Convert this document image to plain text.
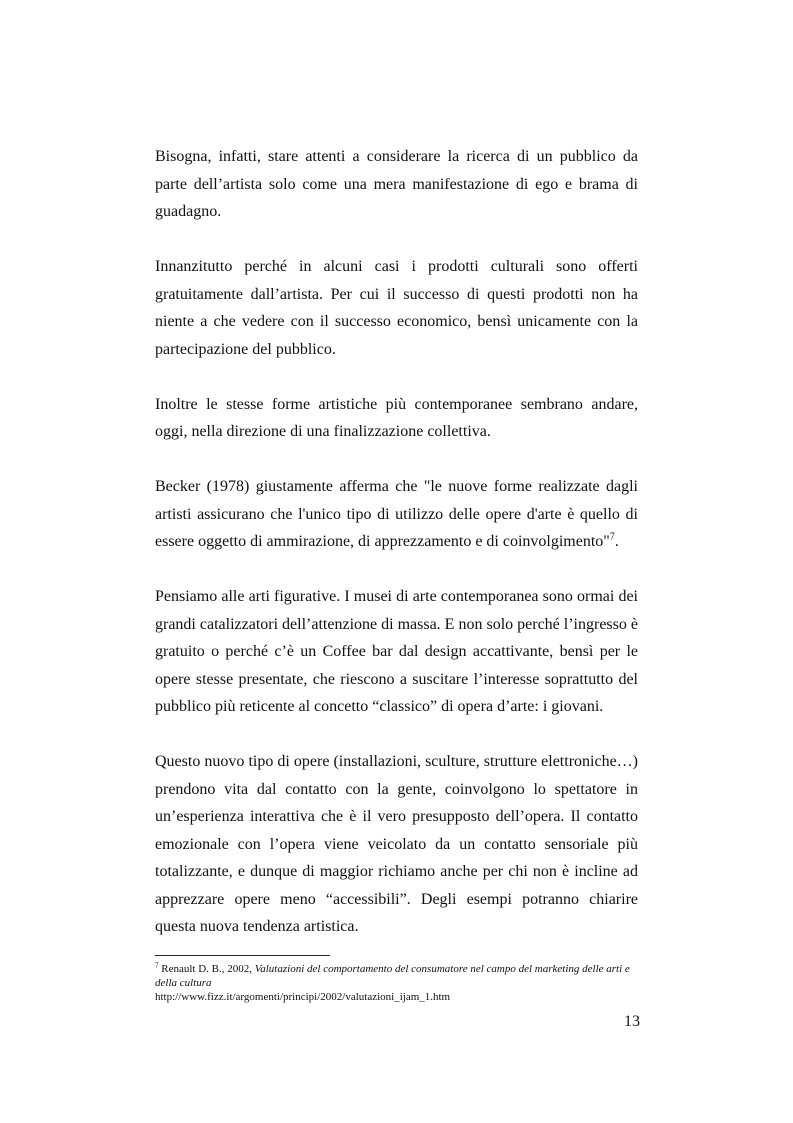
Bisogna, infatti, stare attenti a considerare la ricerca di un pubblico da parte dell’artista solo come una mera manifestazione di ego e brama di guadagno.

Innanzitutto perché in alcuni casi i prodotti culturali sono offerti gratuitamente dall’artista. Per cui il successo di questi prodotti non ha niente a che vedere con il successo economico, bensì unicamente con la partecipazione del pubblico.

Inoltre le stesse forme artistiche più contemporanee sembrano andare, oggi, nella direzione di una finalizzazione collettiva.

Becker (1978) giustamente afferma che "le nuove forme realizzate dagli artisti assicurano che l'unico tipo di utilizzo delle opere d'arte è quello di essere oggetto di ammirazione, di apprezzamento e di coinvolgimento"$^7$.

Pensiamo alle arti figurative. I musei di arte contemporanea sono ormai dei grandi catalizzatori dell’attenzione di massa. E non solo perché l’ingresso è gratuito o perché c’è un Coffee bar dal design accattivante, bensì per le opere stesse presentate, che riescono a suscitare l’interesse soprattutto del pubblico più reticente al concetto “classico” di opera d’arte: i giovani.

Questo nuovo tipo di opere (installazioni, sculture, strutture elettroniche…) prendono vita dal contatto con la gente, coinvolgono lo spettatore in un’esperienza interattiva che è il vero presupposto dell’opera. Il contatto emozionale con l’opera viene veicolato da un contatto sensoriale più totalizzante, e dunque di maggior richiamo anche per chi non è incline ad apprezzare opere meno “accessibili”. Degli esempi potranno chiarire questa nuova tendenza artistica.

$^7$ Renault D. B., 2002, Valutazioni del comportamento del consumatore nel campo del marketing delle arti e della cultura
http://www.fizz.it/argomenti/principi/2002/valutazioni_ijam_1.htm
13
